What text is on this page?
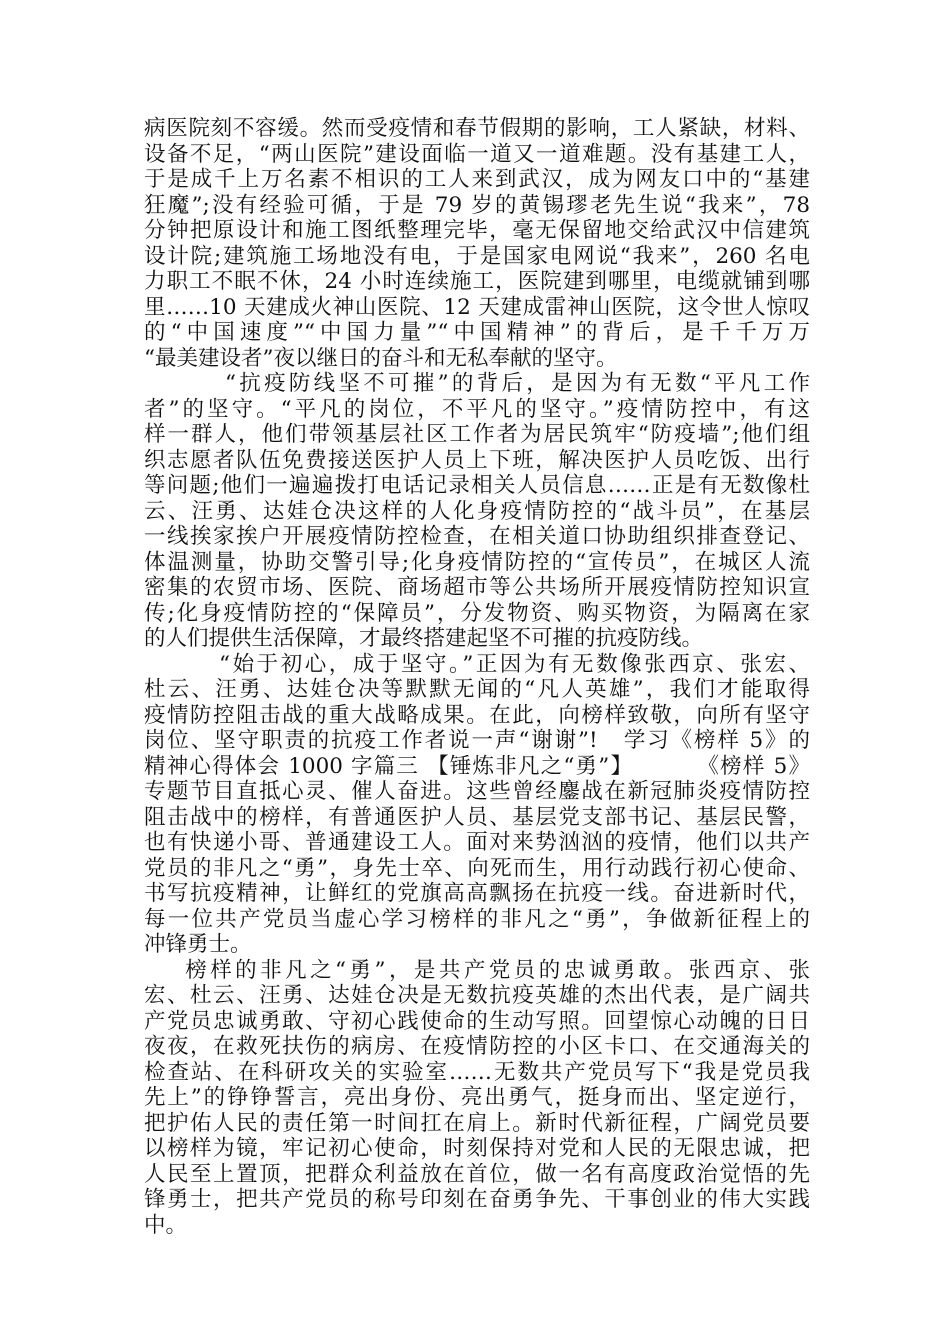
病医院刻不容缓。然而受疫情和春节假期的影响，工人紧缺，材料、
设备不足，“两山医院”建设面临一道又一道难题。没有基建工人，
于是成千上万名素不相识的工人来到武汉，成为网友口中的“基建
狂魔”;没有经验可循，于是 79 岁的黄锡璆老先生说“我来”，78
分钟把原设计和施工图纸整理完毕，毫无保留地交给武汉中信建筑
设计院;建筑施工场地没有电，于是国家电网说“我来”，260 名电
力职工不眠不休，24 小时连续施工，医院建到哪里，电缆就铺到哪
里……10 天建成火神山医院、12 天建成雷神山医院，这令世人惊叹
的“中国速度”“中国力量”“中国精神”的背后，是千千万万
“最美建设者”夜以继日的奋斗和无私奉献的坚守。
“抗疫防线坚不可摧”的背后，是因为有无数“平凡工作
者”的坚守。“平凡的岗位，不平凡的坚守。”疫情防控中，有这
样一群人，他们带领基层社区工作者为居民筑牢“防疫墙”;他们组
织志愿者队伍免费接送医护人员上下班，解决医护人员吃饭、出行
等问题;他们一遍遍拨打电话记录相关人员信息……正是有无数像杜
云、汪勇、达娃仓决这样的人化身疫情防控的“战斗员”，在基层
一线挨家挨户开展疫情防控检查，在相关道口协助组织排查登记、
体温测量，协助交警引导;化身疫情防控的“宣传员”，在城区人流
密集的农贸市场、医院、商场超市等公共场所开展疫情防控知识宣
传;化身疫情防控的“保障员”，分发物资、购买物资，为隔离在家
的人们提供生活保障，才最终搭建起坚不可摧的抗疫防线。
“始于初心，成于坚守。”正因为有无数像张西京、张宏、
杜云、汪勇、达娃仓决等默默无闻的“凡人英雄”，我们才能取得
疫情防控阻击战的重大战略成果。在此，向榜样致敬，向所有坚守
岗位、坚守职责的抗疫工作者说一声“谢谢”!   学习《榜样 5》的
精神心得体会 1000 字篇三 【锤炼非凡之“勇”】        《榜样 5》
专题节目直抵心灵、催人奋进。这些曾经鏖战在新冠肺炎疫情防控
阻击战中的榜样，有普通医护人员、基层党支部书记、基层民警，
也有快递小哥、普通建设工人。面对来势汹汹的疫情，他们以共产
党员的非凡之“勇”，身先士卒、向死而生，用行动践行初心使命、
书写抗疫精神，让鲜红的党旗高高飘扬在抗疫一线。奋进新时代，
每一位共产党员当虚心学习榜样的非凡之“勇”，争做新征程上的
冲锋勇士。
榜样的非凡之“勇”，是共产党员的忠诚勇敢。张西京、张
宏、杜云、汪勇、达娃仓决是无数抗疫英雄的杰出代表，是广阔共
产党员忠诚勇敢、守初心践使命的生动写照。回望惊心动魄的日日
夜夜，在救死扶伤的病房、在疫情防控的小区卡口、在交通海关的
检查站、在科研攻关的实验室……无数共产党员写下“我是党员我
先上”的铮铮誓言，亮出身份、亮出勇气，挺身而出、坚定逆行，
把护佑人民的责任第一时间扛在肩上。新时代新征程，广阔党员要
以榜样为镜，牢记初心使命，时刻保持对党和人民的无限忠诚，把
人民至上置顶，把群众利益放在首位，做一名有高度政治觉悟的先
锋勇士，把共产党员的称号印刻在奋勇争先、干事创业的伟大实践
中。
